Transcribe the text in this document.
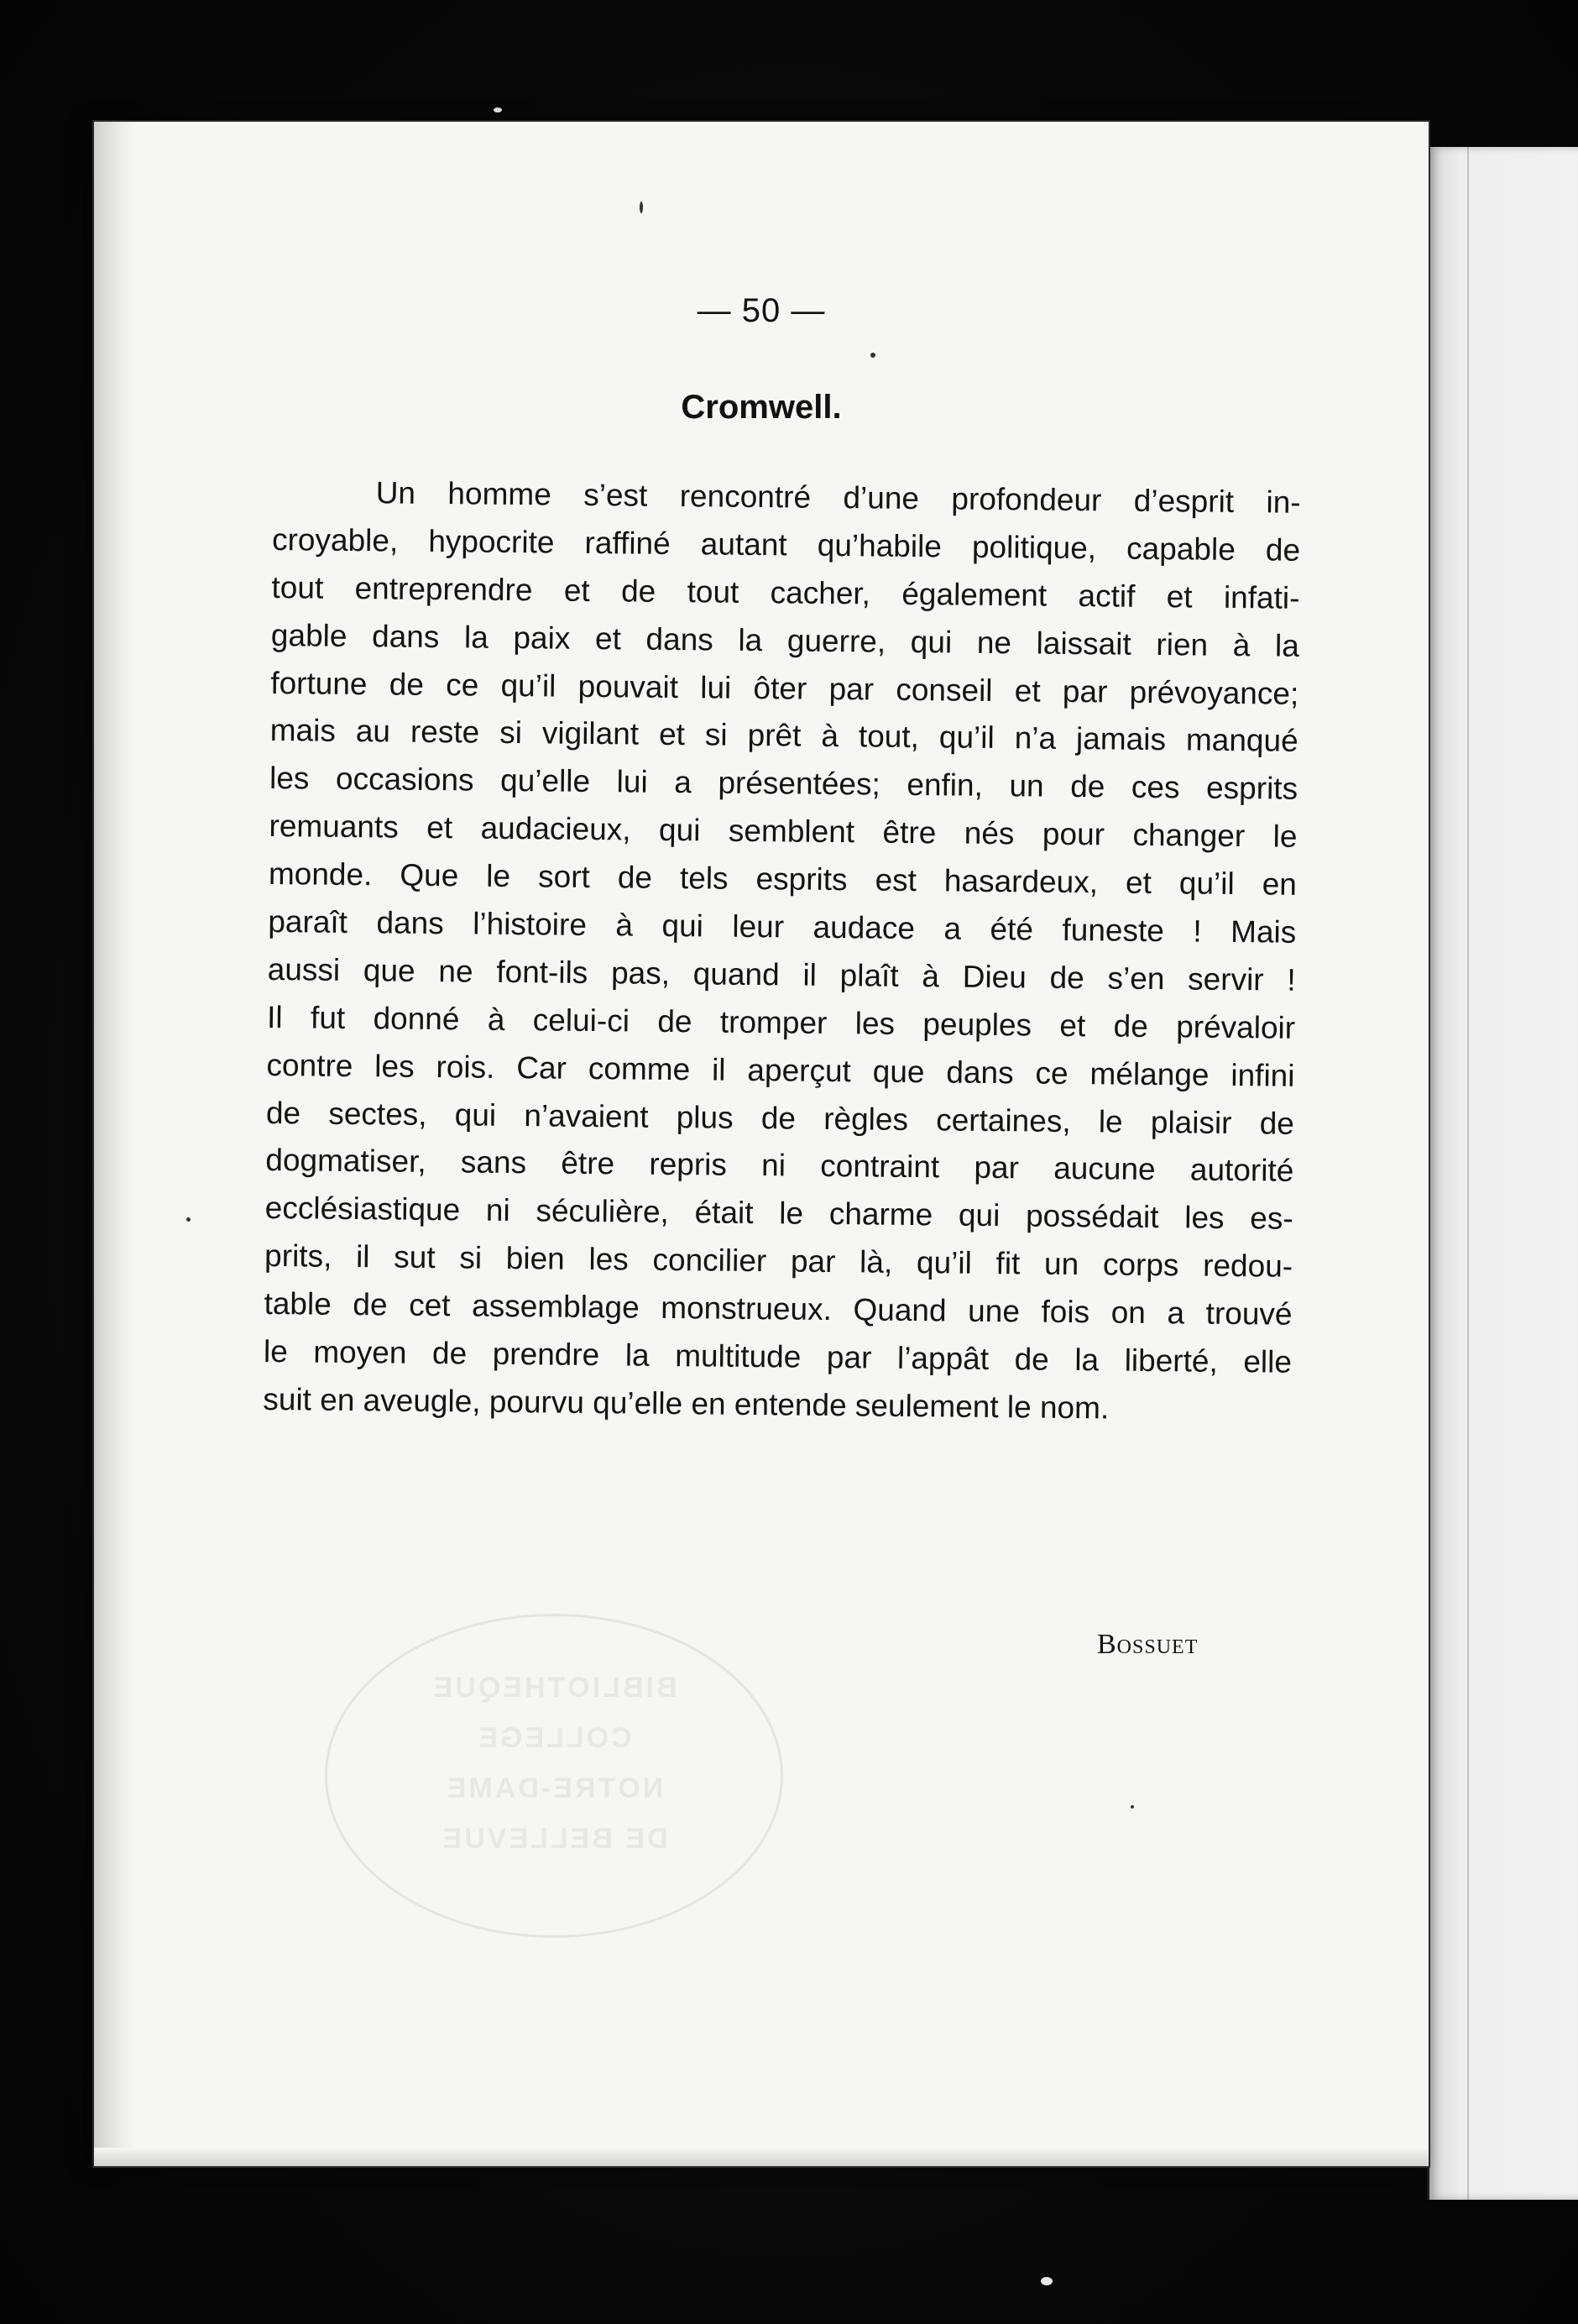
— 50 —
Cromwell.
Un homme s’est rencontré d’une profondeur d’esprit in-
croyable, hypocrite raffiné autant qu’habile politique, capable de
tout entreprendre et de tout cacher, également actif et infati-
gable dans la paix et dans la guerre, qui ne laissait rien à la
fortune de ce qu’il pouvait lui ôter par conseil et par prévoyance;
mais au reste si vigilant et si prêt à tout, qu’il n’a jamais manqué
les occasions qu’elle lui a présentées; enfin, un de ces esprits
remuants et audacieux, qui semblent être nés pour changer le
monde. Que le sort de tels esprits est hasardeux, et qu’il en
paraît dans l’histoire à qui leur audace a été funeste ! Mais
aussi que ne font-ils pas, quand il plaît à Dieu de s’en servir !
Il fut donné à celui-ci de tromper les peuples et de prévaloir
contre les rois. Car comme il aperçut que dans ce mélange infini
de sectes, qui n’avaient plus de règles certaines, le plaisir de
dogmatiser, sans être repris ni contraint par aucune autorité
ecclésiastique ni séculière, était le charme qui possédait les es-
prits, il sut si bien les concilier par là, qu’il fit un corps redou-
table de cet assemblage monstrueux. Quand une fois on a trouvé
le moyen de prendre la multitude par l’appât de la liberté, elle
suit en aveugle, pourvu qu’elle en entende seulement le nom.
Bossuet
BIBLIOTHEQUE
COLLEGE
NOTRE-DAME
DE BELLEVUE
